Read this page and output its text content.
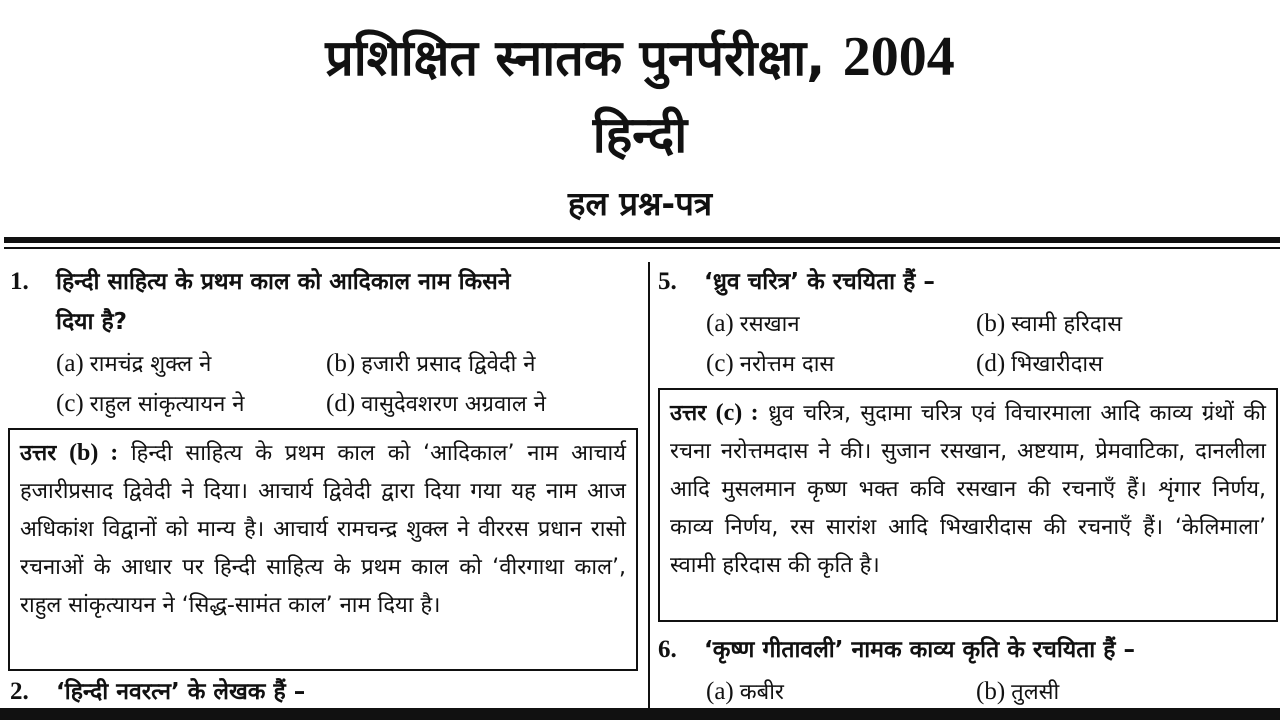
प्रशिक्षित स्नातक पुनर्परीक्षा, 2004
हिन्दी
हल प्रश्न-पत्र
1. हिन्दी साहित्य के प्रथम काल को आदिकाल नाम किसने
दिया है?
(a) रामचंद्र शुक्ल ने	(b) हजारी प्रसाद द्विवेदी ने
(c) राहुल सांकृत्यायन ने	(d) वासुदेवशरण अग्रवाल ने
उत्तर (b) : हिन्दी साहित्य के प्रथम काल को ‘आदिकाल’ नाम आचार्य हजारीप्रसाद द्विवेदी ने दिया। आचार्य द्विवेदी द्वारा दिया गया यह नाम आज अधिकांश विद्वानों को मान्य है। आचार्य रामचन्द्र शुक्ल ने वीररस प्रधान रासो रचनाओं के आधार पर हिन्दी साहित्य के प्रथम काल को ‘वीरगाथा काल’, राहुल सांकृत्यायन ने ‘सिद्ध-सामंत काल’ नाम दिया है।
2. ‘हिन्दी नवरत्न’ के लेखक हैं –
5. ‘ध्रुव चरित्र’ के रचयिता हैं –
(a) रसखान	(b) स्वामी हरिदास
(c) नरोत्तम दास	(d) भिखारीदास
उत्तर (c) : ध्रुव चरित्र, सुदामा चरित्र एवं विचारमाला आदि काव्य ग्रंथों की रचना नरोत्तमदास ने की। सुजान रसखान, अष्टयाम, प्रेमवाटिका, दानलीला आदि मुसलमान कृष्ण भक्त कवि रसखान की रचनाएँ हैं। शृंगार निर्णय, काव्य निर्णय, रस सारांश आदि भिखारीदास की रचनाएँ हैं। ‘केलिमाला’ स्वामी हरिदास की कृति है।
6. ‘कृष्ण गीतावली’ नामक काव्य कृति के रचयिता हैं –
(a) कबीर	(b) तुलसी
